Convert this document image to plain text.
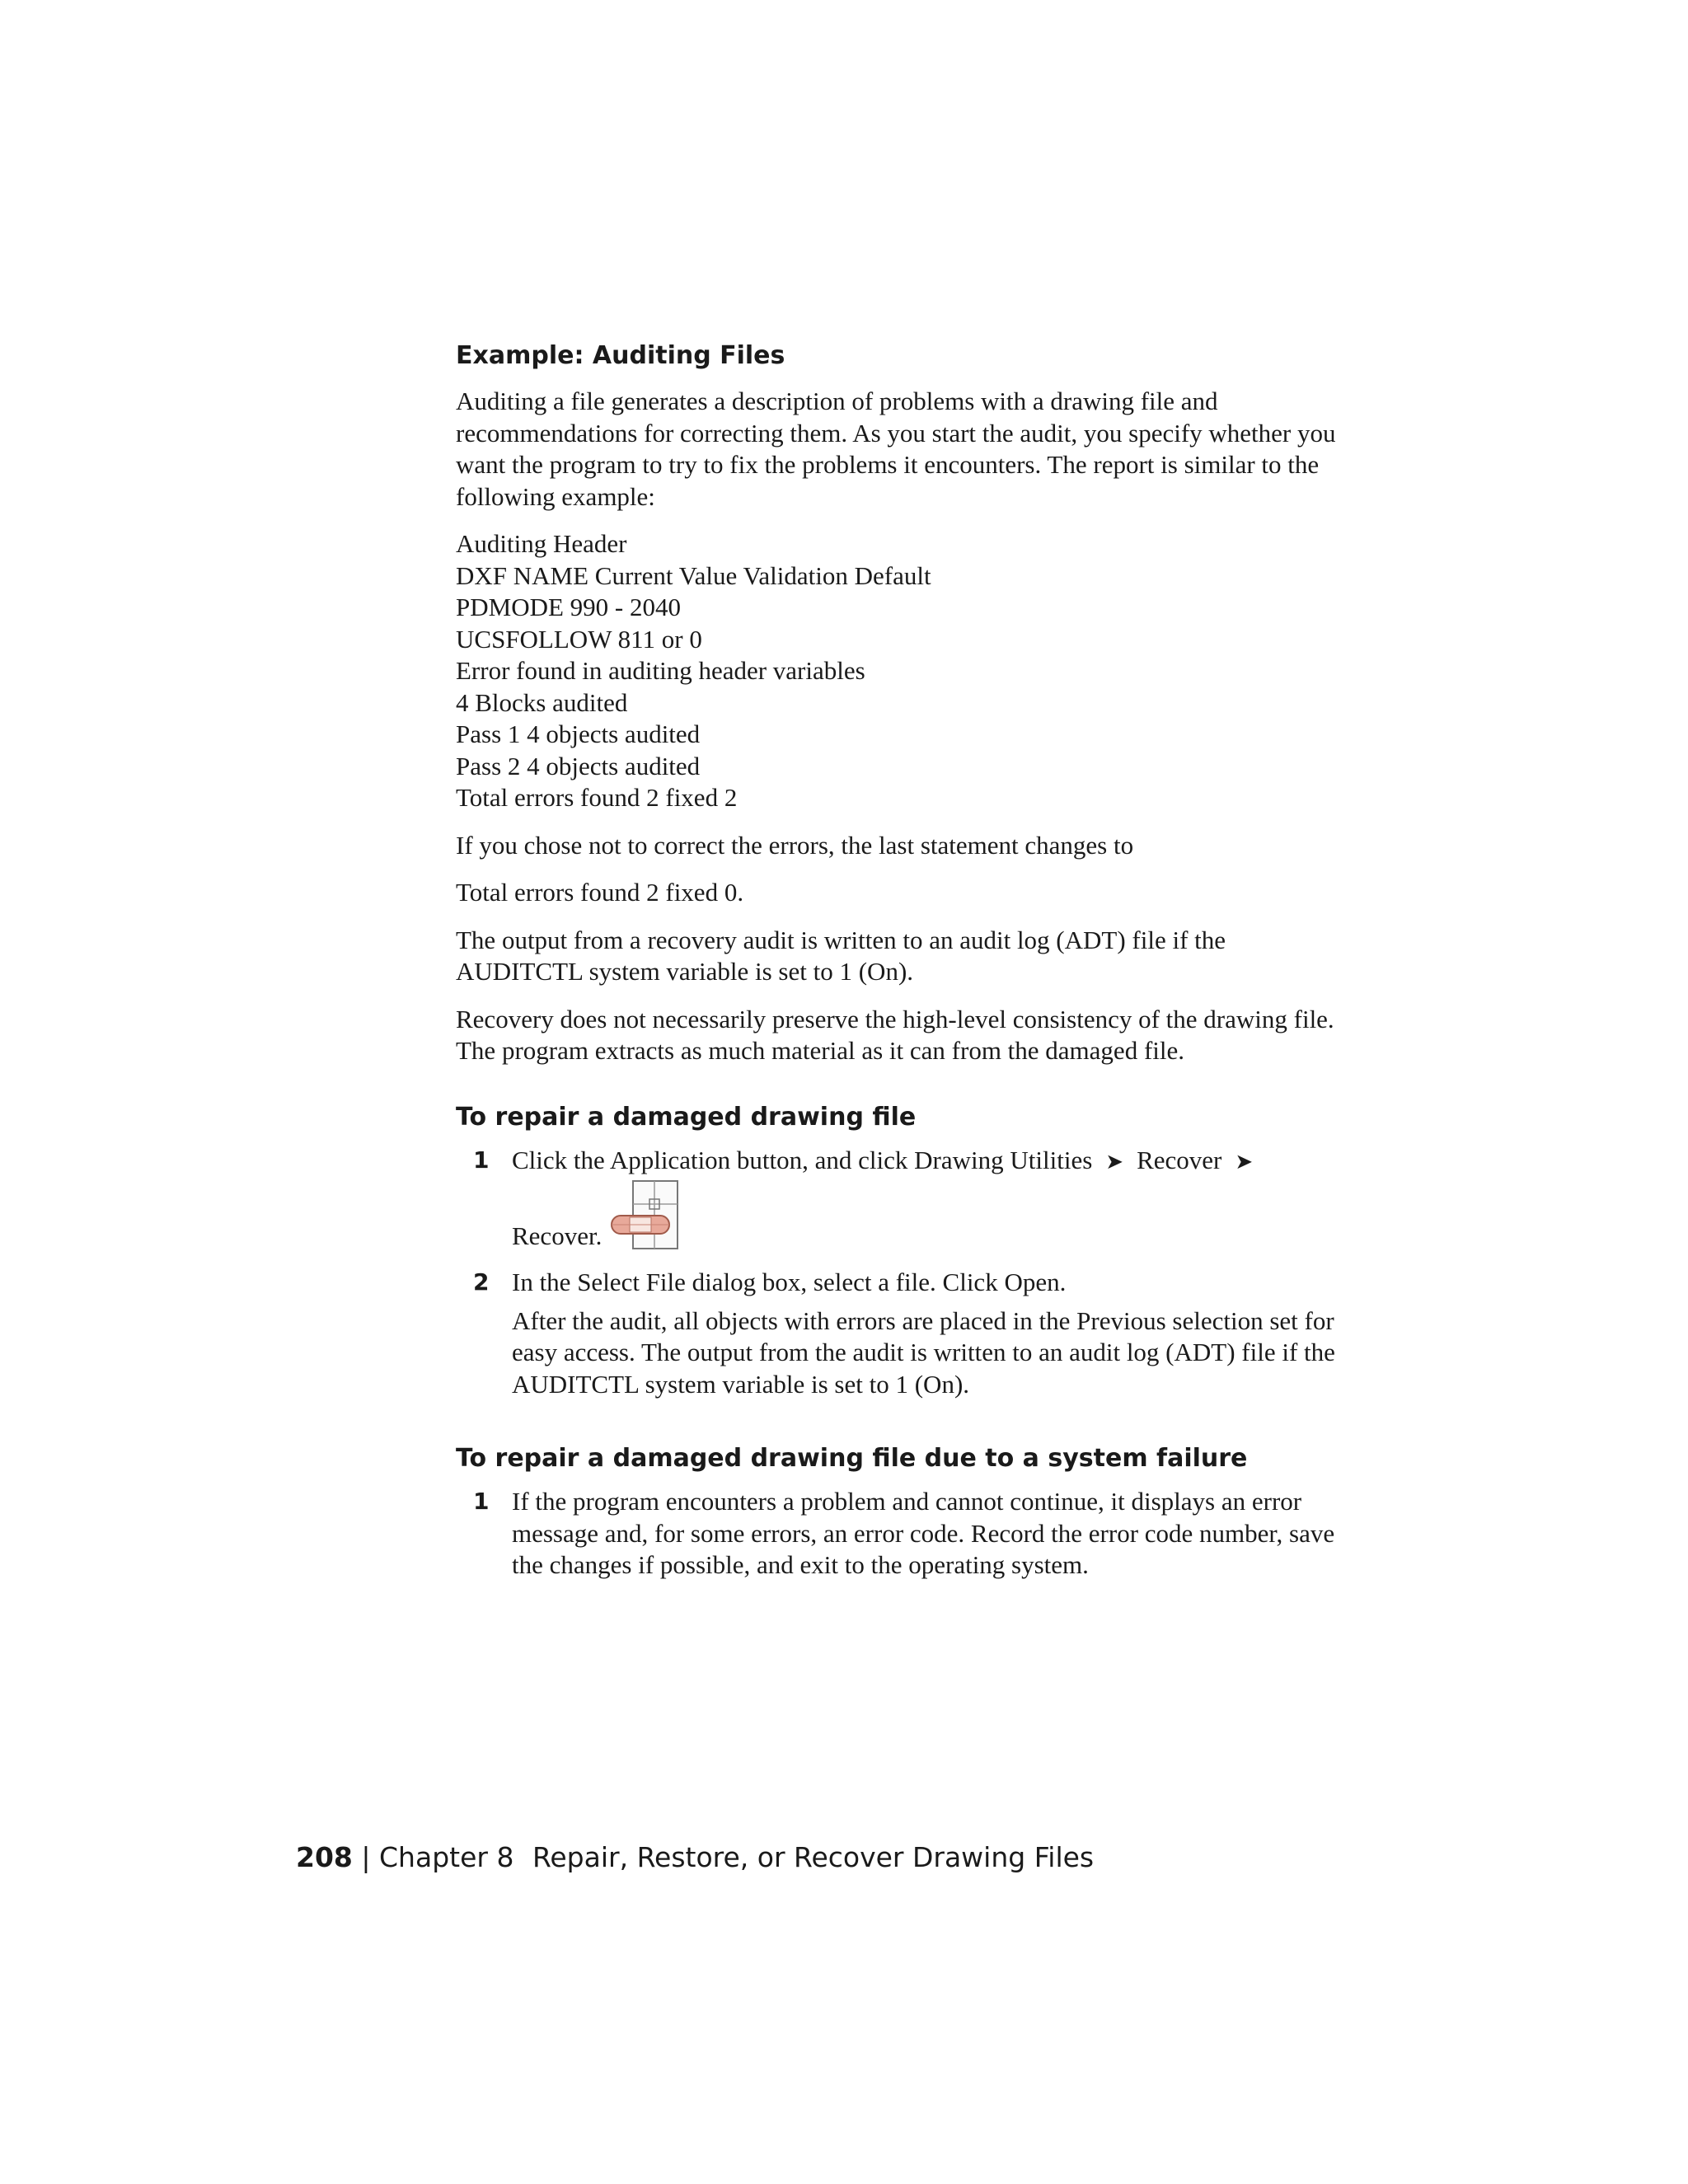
Example: Auditing Files

Auditing a file generates a description of problems with a drawing file and recommendations for correcting them. As you start the audit, you specify whether you want the program to try to fix the problems it encounters. The report is similar to the following example:

Auditing Header
DXF NAME Current Value Validation Default
PDMODE 990 - 2040
UCSFOLLOW 811 or 0
Error found in auditing header variables
4 Blocks audited
Pass 1 4 objects audited
Pass 2 4 objects audited
Total errors found 2 fixed 2

If you chose not to correct the errors, the last statement changes to

Total errors found 2 fixed 0.

The output from a recovery audit is written to an audit log (ADT) file if the AUDITCTL system variable is set to 1 (On).

Recovery does not necessarily preserve the high-level consistency of the drawing file. The program extracts as much material as it can from the damaged file.

To repair a damaged drawing file
1 Click the Application button, and click Drawing Utilities ➤ Recover ➤
Recover.
2 In the Select File dialog box, select a file. Click Open.
After the audit, all objects with errors are placed in the Previous selection set for easy access. The output from the audit is written to an audit log (ADT) file if the AUDITCTL system variable is set to 1 (On).
To repair a damaged drawing file due to a system failure
1 If the program encounters a problem and cannot continue, it displays an error message and, for some errors, an error code. Record the error code number, save the changes if possible, and exit to the operating system.
208 | Chapter 8 Repair, Restore, or Recover Drawing Files
